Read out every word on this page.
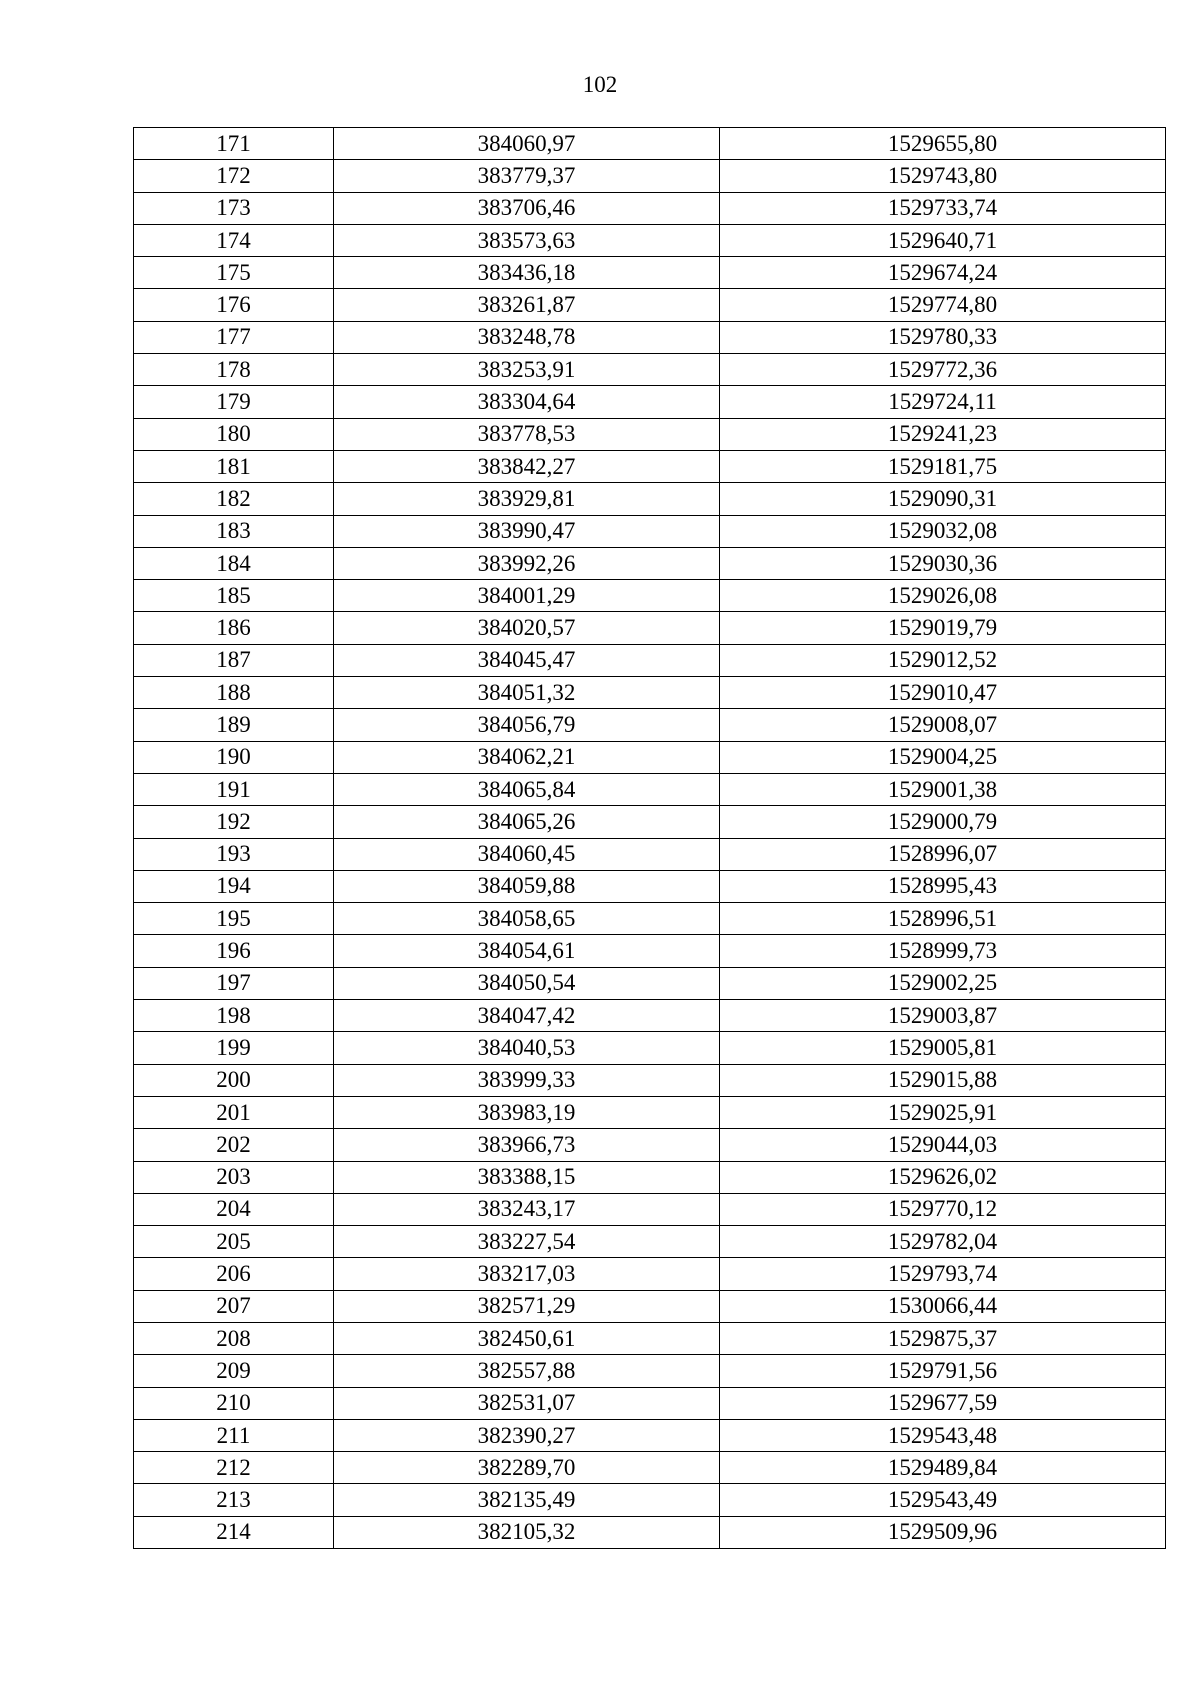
102
171	384060,97	1529655,80
172	383779,37	1529743,80
173	383706,46	1529733,74
174	383573,63	1529640,71
175	383436,18	1529674,24
176	383261,87	1529774,80
177	383248,78	1529780,33
178	383253,91	1529772,36
179	383304,64	1529724,11
180	383778,53	1529241,23
181	383842,27	1529181,75
182	383929,81	1529090,31
183	383990,47	1529032,08
184	383992,26	1529030,36
185	384001,29	1529026,08
186	384020,57	1529019,79
187	384045,47	1529012,52
188	384051,32	1529010,47
189	384056,79	1529008,07
190	384062,21	1529004,25
191	384065,84	1529001,38
192	384065,26	1529000,79
193	384060,45	1528996,07
194	384059,88	1528995,43
195	384058,65	1528996,51
196	384054,61	1528999,73
197	384050,54	1529002,25
198	384047,42	1529003,87
199	384040,53	1529005,81
200	383999,33	1529015,88
201	383983,19	1529025,91
202	383966,73	1529044,03
203	383388,15	1529626,02
204	383243,17	1529770,12
205	383227,54	1529782,04
206	383217,03	1529793,74
207	382571,29	1530066,44
208	382450,61	1529875,37
209	382557,88	1529791,56
210	382531,07	1529677,59
211	382390,27	1529543,48
212	382289,70	1529489,84
213	382135,49	1529543,49
214	382105,32	1529509,96
